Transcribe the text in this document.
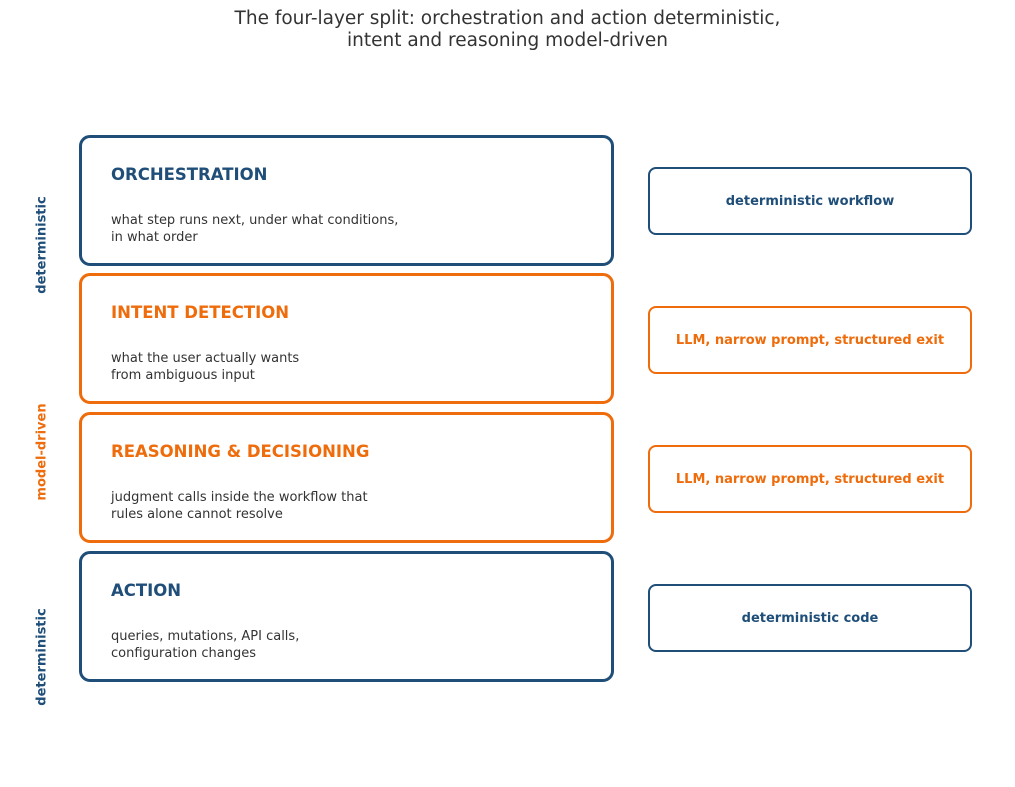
The four-layer split: orchestration and action deterministic,
intent and reasoning model-driven
deterministic
model-driven
deterministic
ORCHESTRATION
what step runs next, under what conditions,
in what order
deterministic workflow
INTENT DETECTION
what the user actually wants
from ambiguous input
LLM, narrow prompt, structured exit
REASONING & DECISIONING
judgment calls inside the workflow that
rules alone cannot resolve
LLM, narrow prompt, structured exit
ACTION
queries, mutations, API calls,
configuration changes
deterministic code
